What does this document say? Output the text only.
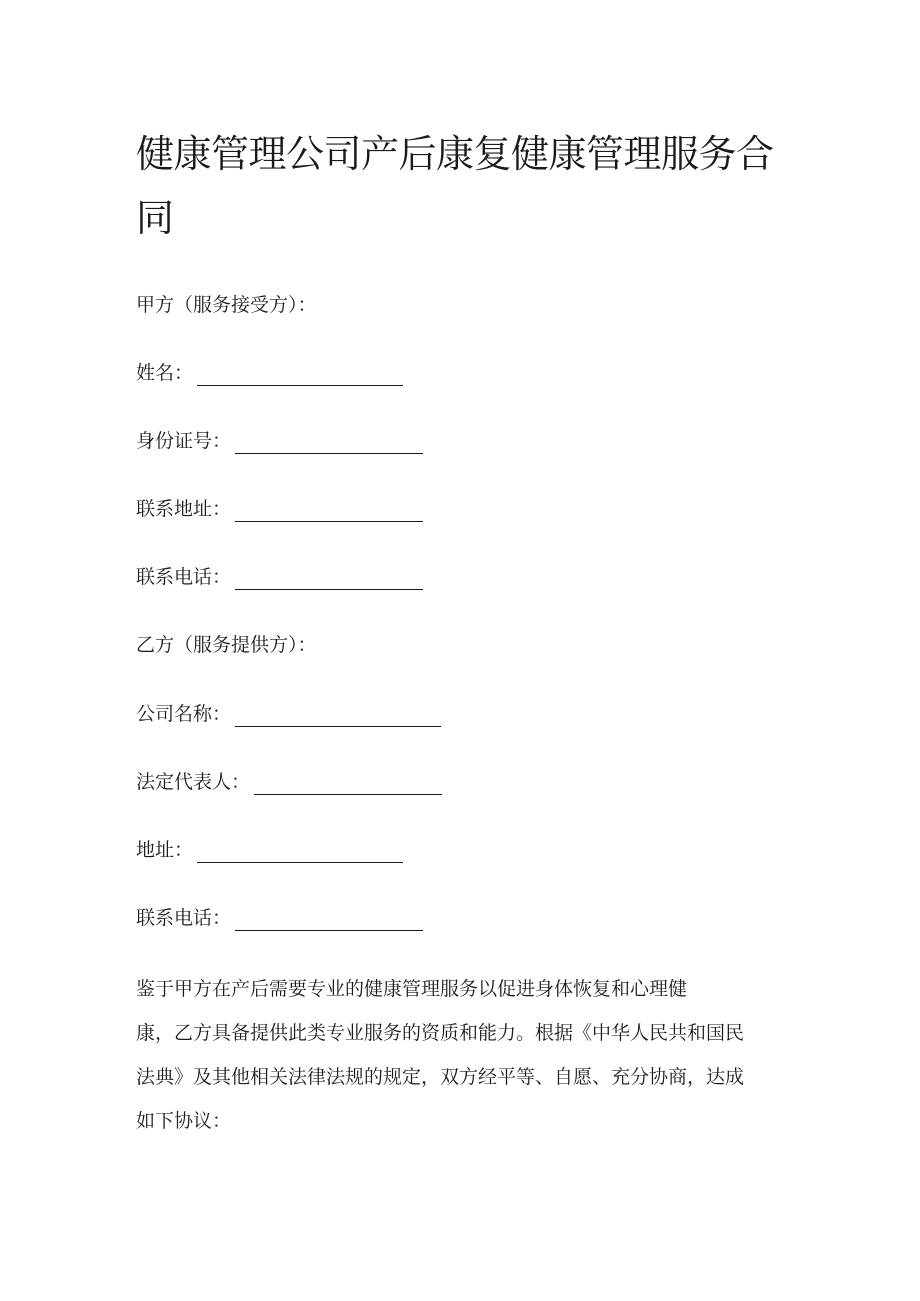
健康管理公司产后康复健康管理服务合同
甲方（服务接受方）：
姓名：
身份证号：
联系地址：
联系电话：
乙方（服务提供方）：
公司名称：
法定代表人：
地址：
联系电话：
鉴于甲方在产后需要专业的健康管理服务以促进身体恢复和心理健
康，乙方具备提供此类专业服务的资质和能力。根据《中华人民共和国民
法典》及其他相关法律法规的规定，双方经平等、自愿、充分协商，达成
如下协议：
